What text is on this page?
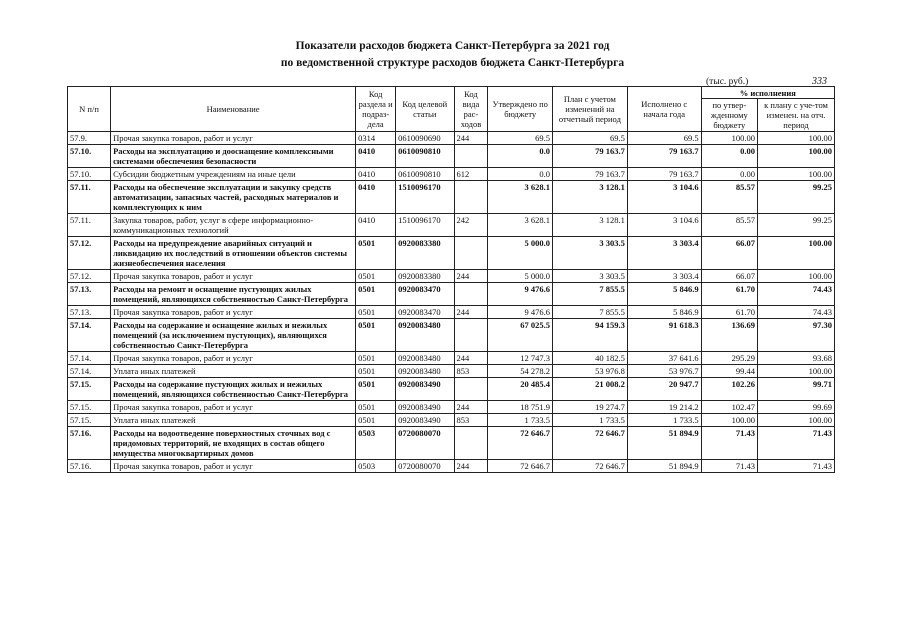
Показатели расходов бюджета Санкт-Петербурга за 2021 год
по ведомственной структуре расходов бюджета Санкт-Петербурга
(тыс. руб.)	333
N п/п	Наименование	Код раздела и подраз-дела	Код целевой статьи	Код вида рас-ходов	Утверждено по бюджету	План с учетом изменений на отчетный период	Исполнено с начала года	% исполнения	
								по утвер-жденному бюджету	к плану с уче-том изменен. на отч. период
57.9.	Прочая закупка товаров, работ и услуг	0314	0610090690	244	69.5	69.5	69.5	100.00	100.00
57.10.	Расходы на эксплуатацию и дооснащение комплексными системами обеспечения безопасности	0410	0610090810		0.0	79 163.7	79 163.7	0.00	100.00
57.10.	Субсидии бюджетным учреждениям на иные цели	0410	0610090810	612	0.0	79 163.7	79 163.7	0.00	100.00
57.11.	Расходы на обеспечение эксплуатации и закупку средств автоматизации, запасных частей, расходных материалов и комплектующих к ним	0410	1510096170		3 628.1	3 128.1	3 104.6	85.57	99.25
57.11.	Закупка товаров, работ, услуг в сфере информационно-коммуникационных технологий	0410	1510096170	242	3 628.1	3 128.1	3 104.6	85.57	99.25
57.12.	Расходы на предупреждение аварийных ситуаций и ликвидацию их последствий в отношении объектов системы жизнеобеспечения населения	0501	0920083380		5 000.0	3 303.5	3 303.4	66.07	100.00
57.12.	Прочая закупка товаров, работ и услуг	0501	0920083380	244	5 000.0	3 303.5	3 303.4	66.07	100.00
57.13.	Расходы на ремонт и оснащение пустующих жилых помещений, являющихся собственностью Санкт-Петербурга	0501	0920083470		9 476.6	7 855.5	5 846.9	61.70	74.43
57.13.	Прочая закупка товаров, работ и услуг	0501	0920083470	244	9 476.6	7 855.5	5 846.9	61.70	74.43
57.14.	Расходы на содержание и оснащение жилых и нежилых помещений (за исключением пустующих), являющихся собственностью Санкт-Петербурга	0501	0920083480		67 025.5	94 159.3	91 618.3	136.69	97.30
57.14.	Прочая закупка товаров, работ и услуг	0501	0920083480	244	12 747.3	40 182.5	37 641.6	295.29	93.68
57.14.	Уплата иных платежей	0501	0920083480	853	54 278.2	53 976.8	53 976.7	99.44	100.00
57.15.	Расходы на содержание пустующих жилых и нежилых помещений, являющихся собственностью Санкт-Петербурга	0501	0920083490		20 485.4	21 008.2	20 947.7	102.26	99.71
57.15.	Прочая закупка товаров, работ и услуг	0501	0920083490	244	18 751.9	19 274.7	19 214.2	102.47	99.69
57.15.	Уплата иных платежей	0501	0920083490	853	1 733.5	1 733.5	1 733.5	100.00	100.00
57.16.	Расходы на водоотведение поверхностных сточных вод с придомовых территорий, не входящих в состав общего имущества многоквартирных домов	0503	0720080070		72 646.7	72 646.7	51 894.9	71.43	71.43
57.16.	Прочая закупка товаров, работ и услуг	0503	0720080070	244	72 646.7	72 646.7	51 894.9	71.43	71.43
